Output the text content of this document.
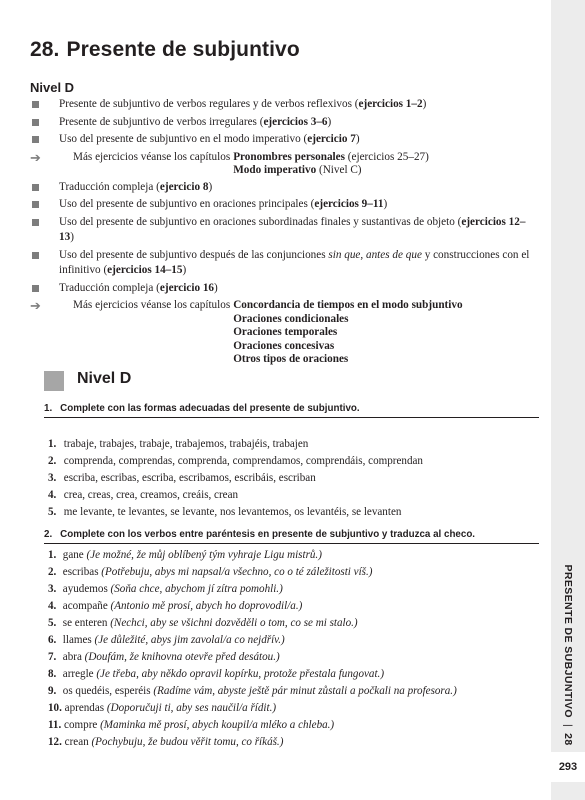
PRESENTE DE SUBJUNTIVO|28
293
28. Presente de subjuntivo
Nivel D
Presente de subjuntivo de verbos regulares y de verbos reflexivos (ejercicios 1–2)
Presente de subjuntivo de verbos irregulares (ejercicios 3–6)
Uso del presente de subjuntivo en el modo imperativo (ejercicio 7)
➔	Más ejercicios véanse los capítulos	Pronombres personales (ejercicios 25–27)
Modo imperativo (Nivel C)
Traducción compleja (ejercicio 8)
Uso del presente de subjuntivo en oraciones principales (ejercicios 9–11)
Uso del presente de subjuntivo en oraciones subordinadas finales y sustantivas de objeto (ejercicios 12–13)
Uso del presente de subjuntivo después de las conjunciones sin que, antes de que y construcciones con el infinitivo (ejercicios 14–15)
Traducción compleja (ejercicio 16)
➔	Más ejercicios véanse los capítulos	Concordancia de tiempos en el modo subjuntivo
Oraciones condicionales
Oraciones temporales
Oraciones concesivas
Otros tipos de oraciones
Nivel D
1. Complete con las formas adecuadas del presente de subjuntivo.
1. trabaje, trabajes, trabaje, trabajemos, trabajéis, trabajen
2. comprenda, comprendas, comprenda, comprendamos, comprendáis, comprendan
3. escriba, escribas, escriba, escribamos, escribáis, escriban
4. crea, creas, crea, creamos, creáis, crean
5. me levante, te levantes, se levante, nos levantemos, os levantéis, se levanten
2. Complete con los verbos entre paréntesis en presente de subjuntivo y traduzca al checo.
1. gane (Je možné, že můj oblíbený tým vyhraje Ligu mistrů.)
2. escribas (Potřebuju, abys mi napsal/a všechno, co o té záležitosti víš.)
3. ayudemos (Soňa chce, abychom jí zítra pomohli.)
4. acompañe (Antonio mě prosí, abych ho doprovodil/a.)
5. se enteren (Nechci, aby se všichni dozvěděli o tom, co se mi stalo.)
6. llames (Je důležité, abys jim zavolal/a co nejdřív.)
7. abra (Doufám, že knihovna otevře před desátou.)
8. arregle (Je třeba, aby někdo opravil kopírku, protože přestala fungovat.)
9. os quedéis, esperéis (Radíme vám, abyste ještě pár minut zůstali a počkali na profesora.)
10. aprendas (Doporučuji ti, aby ses naučil/a řídit.)
11. compre (Maminka mě prosí, abych koupil/a mléko a chleba.)
12. crean (Pochybuju, že budou věřit tomu, co říkáš.)
